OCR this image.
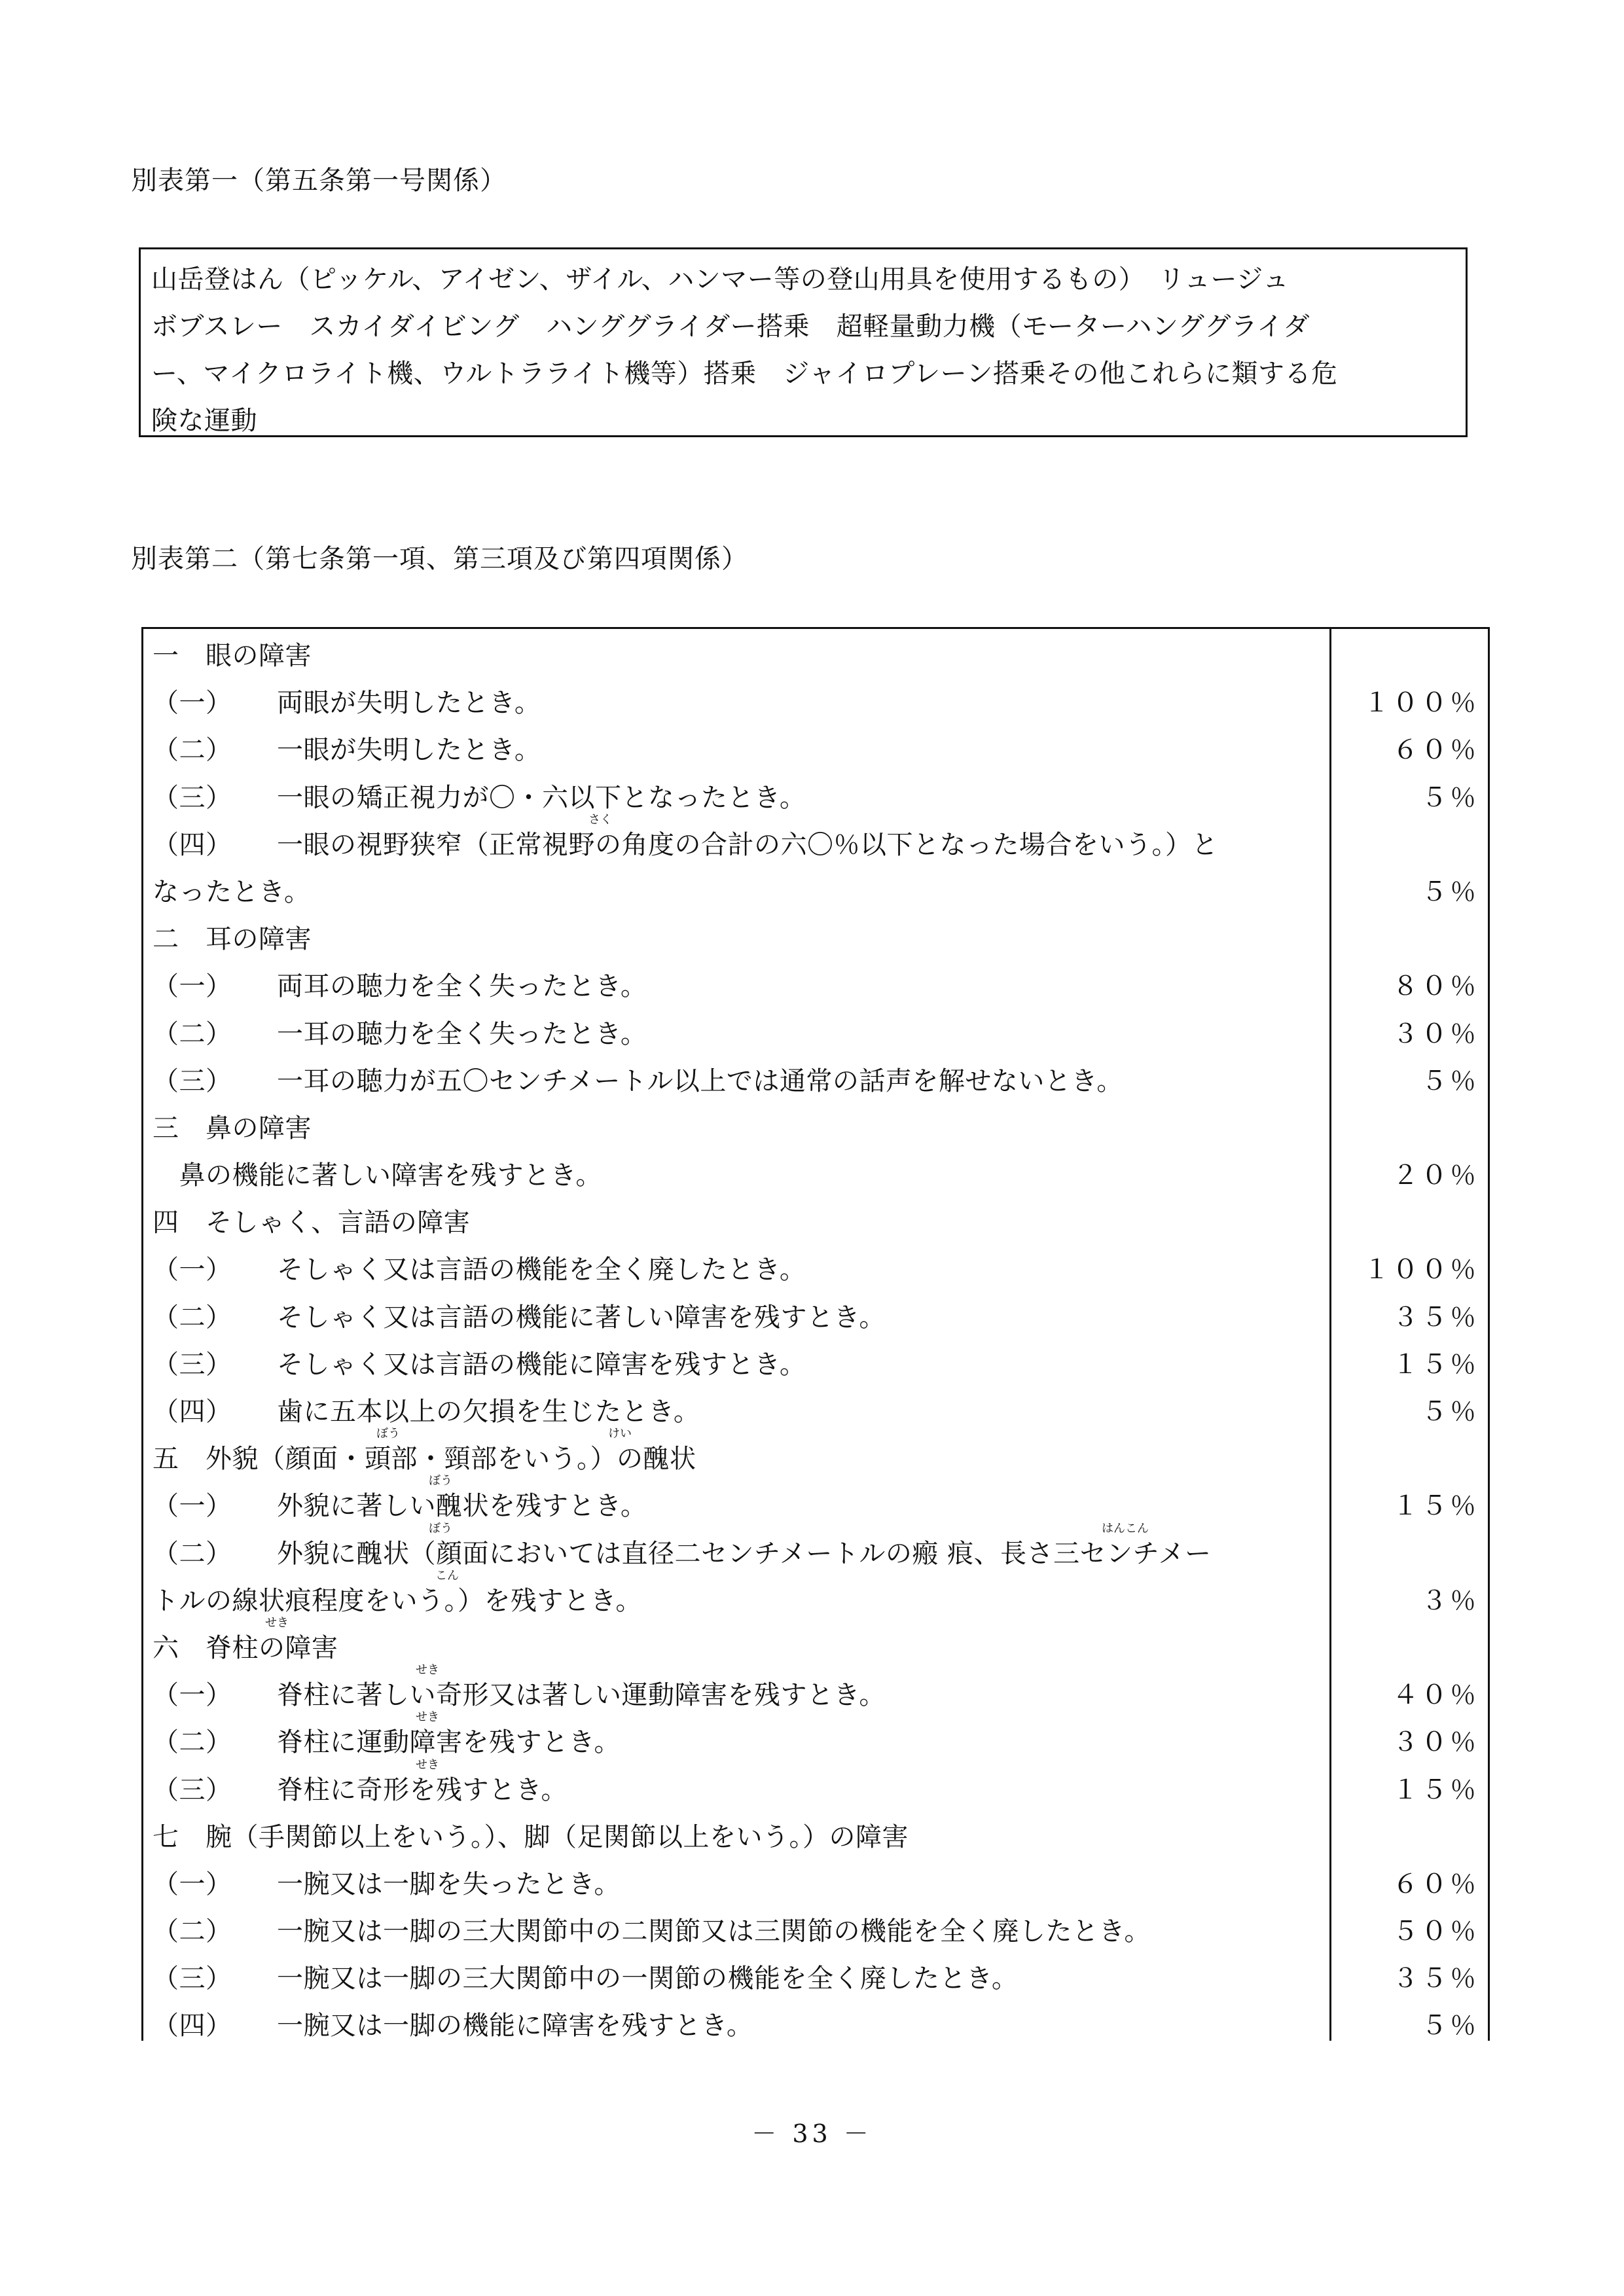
別表第一（第五条第一号関係）
山岳登はん（ピッケル、アイゼン、ザイル、ハンマー等の登山用具を使用するもの）　リュージュ
ボブスレー　スカイダイビング　ハンググライダー搭乗　超軽量動力機（モーターハンググライダ
ー、マイクロライト機、ウルトラライト機等）搭乗　ジャイロプレーン搭乗その他これらに類する危
険な運動
別表第二（第七条第一項、第三項及び第四項関係）
一　眼の障害
（一） 両眼が失明したとき。	１００％
（二） 一眼が失明したとき。	６０％
（三） 一眼の矯正視力が〇・六以下となったとき。	５％
（四） 一眼の視野狭窄（正常視野の角度の合計の六〇％以下となった場合をいう。）と
さく
なったとき。	５％
二　耳の障害
（一） 両耳の聴力を全く失ったとき。	８０％
（二） 一耳の聴力を全く失ったとき。	３０％
（三） 一耳の聴力が五〇センチメートル以上では通常の話声を解せないとき。	５％
三　鼻の障害
　鼻の機能に著しい障害を残すとき。	２０％
四　そしゃく、言語の障害
（一） そしゃく又は言語の機能を全く廃したとき。	１００％
（二） そしゃく又は言語の機能に著しい障害を残すとき。	３５％
（三） そしゃく又は言語の機能に障害を残すとき。	１５％
（四） 歯に五本以上の欠損を生じたとき。	５％
五　外貌（顔面・頭部・頸部をいう。）の醜状
ぼう	けい
（一） 外貌に著しい醜状を残すとき。	１５％
ぼう
（二） 外貌に醜状（顔面においては直径二センチメートルの瘢 痕、長さ三センチメー
ぼう	はんこん
トルの線状痕程度をいう。）を残すとき。	３％
こん
六　脊柱の障害
せき
（一） 脊柱に著しい奇形又は著しい運動障害を残すとき。	４０％
せき
（二） 脊柱に運動障害を残すとき。	３０％
せき
（三） 脊柱に奇形を残すとき。	１５％
せき
七　腕（手関節以上をいう。）、脚（足関節以上をいう。）の障害
（一） 一腕又は一脚を失ったとき。	６０％
（二） 一腕又は一脚の三大関節中の二関節又は三関節の機能を全く廃したとき。	５０％
（三） 一腕又は一脚の三大関節中の一関節の機能を全く廃したとき。	３５％
（四） 一腕又は一脚の機能に障害を残すとき。	５％
－ 33 －
